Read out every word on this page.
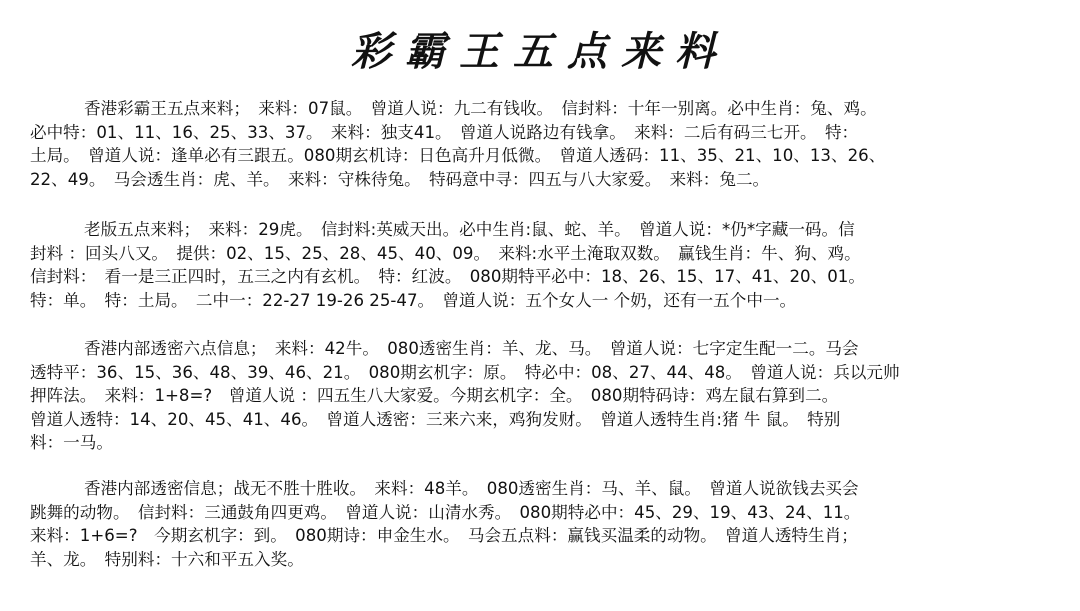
彩霸王五点来料
香港彩霸王五点来料；　来料：07鼠。　曾道人说：九二有钱收。　信封料：十年一别离。必中生肖：兔、鸡。
必中特：01、11、16、25、33、37。　来料：独支41。　曾道人说路边有钱拿。　来料：二后有码三七开。　特：
土局。　曾道人说：逢单必有三跟五。080期玄机诗：日色高升月低微。　曾道人透码：11、35、21、10、13、26、
22、49。　马会透生肖：虎、羊。　来料：守株待兔。　特码意中寻：四五与八大家爱。　来料：兔二。
老版五点来料；　来料：29虎。　信封料:英威天出。必中生肖:鼠、蛇、羊。　曾道人说：*仍*字藏一码。信
封料 ：回头八又。　提供：02、15、25、28、45、40、09。　来料:水平土淹取双数。　赢钱生肖：牛、狗、鸡。
信封料：　看一是三正四时，五三之内有玄机。　特：红波。　080期特平必中：18、26、15、17、41、20、01。
特：单。　特：土局。　二中一：22-27 19-26 25-47。　曾道人说：五个女人一 个奶，还有一五个中一。
香港内部透密六点信息；　来料：42牛。　080透密生肖：羊、龙、马。　曾道人说：七字定生配一二。马会
透特平：36、15、36、48、39、46、21。　080期玄机字：原。　特必中：08、27、44、48。　曾道人说：兵以元帅
押阵法。　来料：1+8=?　曾道人说 ：四五生八大家爱。今期玄机字：全。　080期特码诗：鸡左鼠右算到二。
曾道人透特：14、20、45、41、46。　曾道人透密：三来六来，鸡狗发财。　曾道人透特生肖:猪 牛 鼠。　特别
料：一马。
香港内部透密信息；战无不胜十胜收。　来料：48羊。　080透密生肖：马、羊、鼠。　曾道人说欲钱去买会
跳舞的动物。　信封料：三通鼓角四更鸡。　曾道人说：山清水秀。　080期特必中：45、29、19、43、24、11。
来料：1+6=?　今期玄机字：到。　080期诗：申金生水。　马会五点料：赢钱买温柔的动物。　曾道人透特生肖；
羊、龙。　特别料：十六和平五入奖。
